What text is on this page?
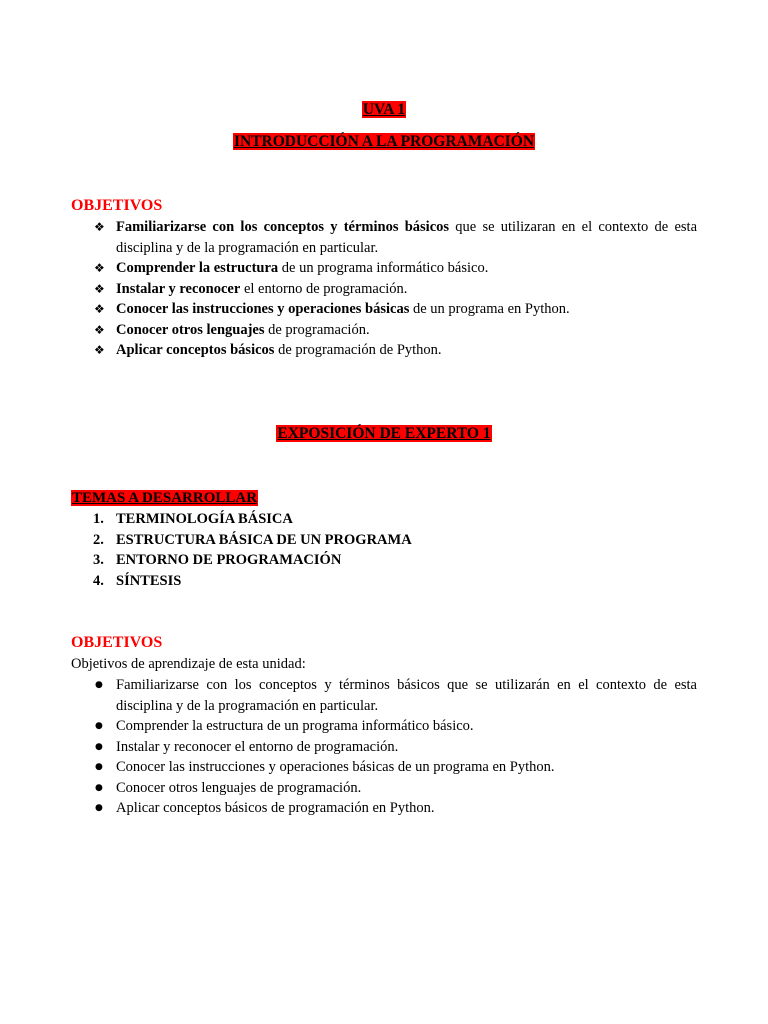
UVA 1
INTRODUCCIÓN A LA PROGRAMACIÓN
OBJETIVOS
❖ Familiarizarse con los conceptos y términos básicos que se utilizaran en el contexto de esta disciplina y de la programación en particular.
❖ Comprender la estructura de un programa informático básico.
❖ Instalar y reconocer el entorno de programación.
❖ Conocer las instrucciones y operaciones básicas de un programa en Python.
❖ Conocer otros lenguajes de programación.
❖ Aplicar conceptos básicos de programación de Python.
EXPOSICIÓN DE EXPERTO 1
TEMAS A DESARROLLAR
1. TERMINOLOGÍA BÁSICA
2. ESTRUCTURA BÁSICA DE UN PROGRAMA
3. ENTORNO DE PROGRAMACIÓN
4. SÍNTESIS
OBJETIVOS
Objetivos de aprendizaje de esta unidad:
● Familiarizarse con los conceptos y términos básicos que se utilizarán en el contexto de esta disciplina y de la programación en particular.
● Comprender la estructura de un programa informático básico.
● Instalar y reconocer el entorno de programación.
● Conocer las instrucciones y operaciones básicas de un programa en Python.
● Conocer otros lenguajes de programación.
● Aplicar conceptos básicos de programación en Python.
